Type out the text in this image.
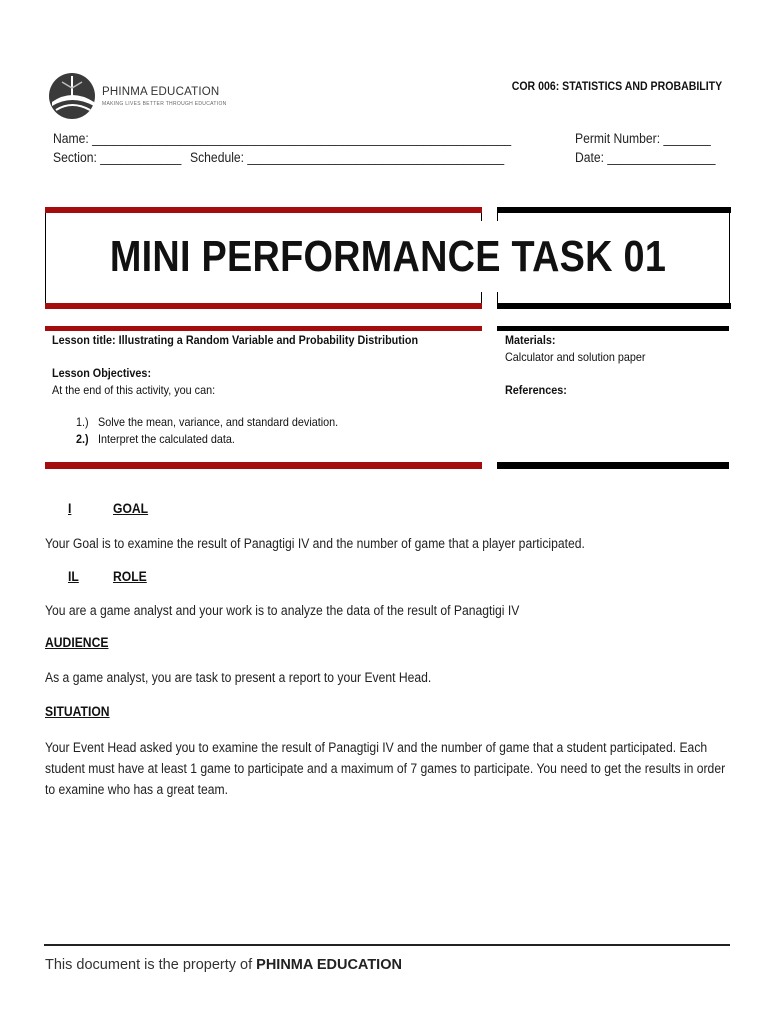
PHINMA EDUCATION
MAKING LIVES BETTER THROUGH EDUCATION
COR 006: STATISTICS AND PROBABILITY
Name: ______________________________________________________________	Permit Number: _______
Section: ____________ Schedule: ______________________________________	Date: ________________
MINI PERFORMANCE TASK 01
Lesson title: Illustrating a Random Variable and Probability Distribution
Lesson Objectives:
At the end of this activity, you can:
1.) Solve the mean, variance, and standard deviation.
2.) Interpret the calculated data.
Materials:
Calculator and solution paper
References:
I	GOAL
Your Goal is to examine the result of Panagtigi IV and the number of game that a player participated.
IL	ROLE
You are a game analyst and your work is to analyze the data of the result of Panagtigi IV
AUDIENCE
As a game analyst, you are task to present a report to your Event Head.
SITUATION
Your Event Head asked you to examine the result of Panagtigi IV and the number of game that a student participated. Each student must have at least 1 game to participate and a maximum of 7 games to participate. You need to get the results in order to examine who has a great team.
This document is the property of PHINMA EDUCATION
